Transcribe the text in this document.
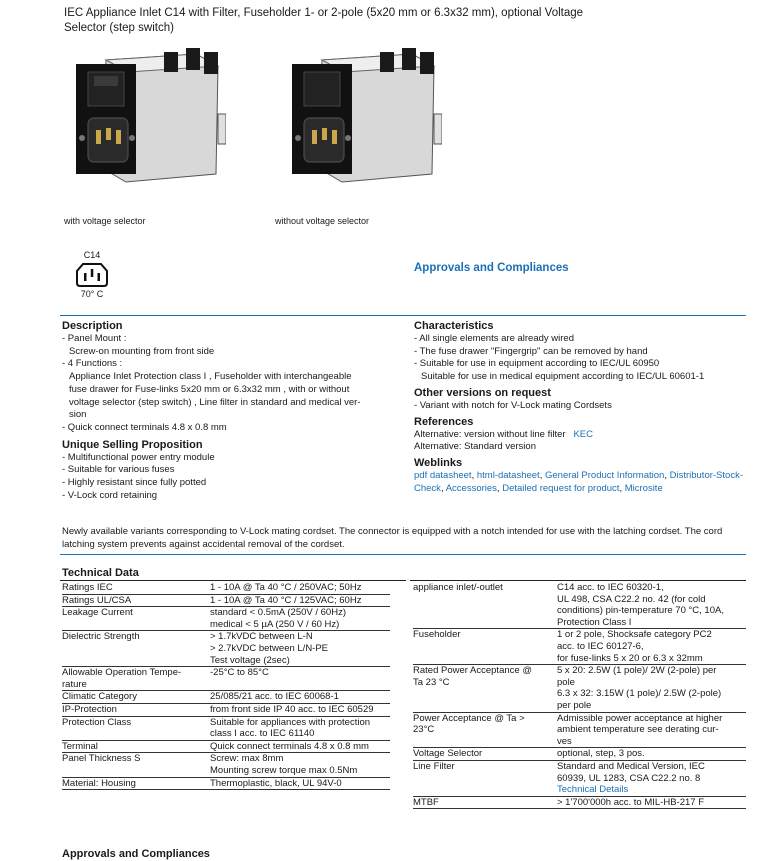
IEC Appliance Inlet C14 with Filter, Fuseholder 1- or 2-pole (5x20 mm or 6.3x32 mm), optional Voltage Selector (step switch)
with voltage selector	without voltage selector
C14
70° C
Approvals and Compliances
Description
- Panel Mount :
Screw-on mounting from front side
- 4 Functions :
Appliance Inlet Protection class I , Fuseholder with interchangeable
fuse drawer for Fuse-links 5x20 mm or 6.3x32 mm , with or without
voltage selector (step switch) , Line filter in standard and medical ver-
sion
- Quick connect terminals 4.8 x 0.8 mm
Unique Selling Proposition
- Multifunctional power entry module
- Suitable for various fuses
- Highly resistant since fully potted
- V-Lock cord retaining
Characteristics
- All single elements are already wired
- The fuse drawer "Fingergrip" can be removed by hand
- Suitable for use in equipment according to IEC/UL 60950
Suitable for use in medical equipment according to IEC/UL 60601-1
Other versions on request
- Variant with notch for V-Lock mating Cordsets
References
Alternative: version without line filter KEC
Alternative: Standard version
Weblinks
pdf datasheet, html-datasheet, General Product Information, Distributor-Stock-Check, Accessories, Detailed request for product, Microsite
Newly available variants corresponding to V-Lock mating cordset. The connector is equipped with a notch intended for use with the latching cordset. The cord latching system prevents against accidental removal of the cordset.
Technical Data
Ratings IEC	1 - 10A @ Ta 40 °C / 250VAC; 50Hz
Ratings UL/CSA	1 - 10A @ Ta 40 °C / 125VAC; 60Hz
Leakage Current	standard < 0.5mA (250V / 60Hz)
medical < 5 µA (250 V / 60 Hz)
Dielectric Strength	> 1.7kVDC between L-N
> 2.7kVDC between L/N-PE
Test voltage (2sec)
Allowable Operation Tempe-
rature	-25°C to 85°C
Climatic Category	25/085/21 acc. to IEC 60068-1
IP-Protection	from front side IP 40 acc. to IEC 60529
Protection Class	Suitable for appliances with protection
class I acc. to IEC 61140
Terminal	Quick connect terminals 4.8 x 0.8 mm
Panel Thickness S	Screw: max 8mm
Mounting screw torque max 0.5Nm
Material: Housing	Thermoplastic, black, UL 94V-0
appliance inlet/-outlet	C14 acc. to IEC 60320-1,
UL 498, CSA C22.2 no. 42 (for cold
conditions) pin-temperature 70 °C, 10A,
Protection Class I
Fuseholder	1 or 2 pole, Shocksafe category PC2
acc. to IEC 60127-6,
for fuse-links 5 x 20 or 6.3 x 32mm
Rated Power Acceptance @
Ta 23 °C	5 x 20: 2.5W (1 pole)/ 2W (2-pole) per
pole
6.3 x 32: 3.15W (1 pole)/ 2.5W (2-pole)
per pole
Power Acceptance @ Ta >
23°C	Admissible power acceptance at higher
ambient temperature see derating cur-
ves
Voltage Selector	optional, step, 3 pos.
Line Filter	Standard and Medical Version, IEC
60939, UL 1283, CSA C22.2 no. 8
Technical Details

MTBF	> 1'700'000h acc. to MIL-HB-217 F
Approvals and Compliances
